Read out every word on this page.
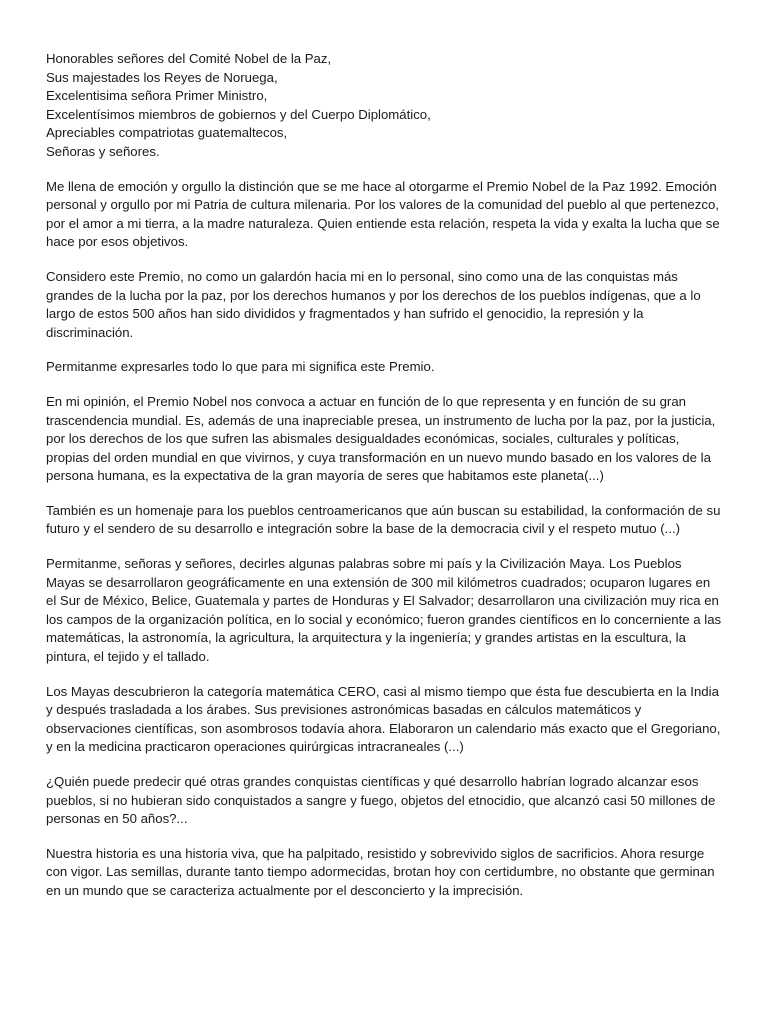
Honorables señores del Comité Nobel de la Paz,
Sus majestades los Reyes de Noruega,
Excelentisima señora Primer Ministro,
Excelentísimos miembros de gobiernos y del Cuerpo Diplomático,
Apreciables compatriotas guatemaltecos,
Señoras y señores.

Me llena de emoción y orgullo la distinción que se me hace al otorgarme el Premio Nobel de la Paz 1992. Emoción personal y orgullo por mi Patria de cultura milenaria. Por los valores de la comunidad del pueblo al que pertenezco, por el amor a mi tierra, a la madre naturaleza. Quien entiende esta relación, respeta la vida y exalta la lucha que se hace por esos objetivos.

Considero este Premio, no como un galardón hacia mi en lo personal, sino como una de las conquistas más grandes de la lucha por la paz, por los derechos humanos y por los derechos de los pueblos indígenas, que a lo largo de estos 500 años han sido divididos y fragmentados y han sufrido el genocidio, la represión y la discriminación.

Permitanme expresarles todo lo que para mi significa este Premio.

En mi opinión, el Premio Nobel nos convoca a actuar en función de lo que representa y en función de su gran trascendencia mundial. Es, además de una inapreciable presea, un instrumento de lucha por la paz, por la justicia, por los derechos de los que sufren las abismales desigualdades económicas, sociales, culturales y políticas, propias del orden mundial en que vivirnos, y cuya transformación en un nuevo mundo basado en los valores de la persona humana, es la expectativa de la gran mayoría de seres que habitamos este planeta(...)

También es un homenaje para los pueblos centroamericanos que aún buscan su estabilidad, la conformación de su futuro y el sendero de su desarrollo e integración sobre la base de la democracia civil y el respeto mutuo (...)

Permitanme, señoras y señores, decirles algunas palabras sobre mi país y la Civilización Maya. Los Pueblos Mayas se desarrollaron geográficamente en una extensión de 300 mil kilómetros cuadrados; ocuparon lugares en el Sur de México, Belice, Guatemala y partes de Honduras y El Salvador; desarrollaron una civilización muy rica en los campos de la organización política, en lo social y económico; fueron grandes científicos en lo concerniente a las matemáticas, la astronomía, la agricultura, la arquitectura y la ingeniería; y grandes artistas en la escultura, la pintura, el tejido y el tallado.

Los Mayas descubrieron la categoría matemática CERO, casi al mismo tiempo que ésta fue descubierta en la India y después trasladada a los árabes. Sus previsiones astronómicas basadas en cálculos matemáticos y observaciones científicas, son asombrosos todavía ahora. Elaboraron un calendario más exacto que el Gregoriano, y en la medicina practicaron operaciones quirúrgicas intracraneales (...)

¿Quién puede predecir qué otras grandes conquistas científicas y qué desarrollo habrían logrado alcanzar esos pueblos, si no hubieran sido conquistados a sangre y fuego, objetos del etnocidio, que alcanzó casi 50 millones de personas en 50 años?...

Nuestra historia es una historia viva, que ha palpitado, resistido y sobrevivido siglos de sacrificios. Ahora resurge con vigor. Las semillas, durante tanto tiempo adormecidas, brotan hoy con certidumbre, no obstante que germinan en un mundo que se caracteriza actualmente por el desconcierto y la imprecisión.
